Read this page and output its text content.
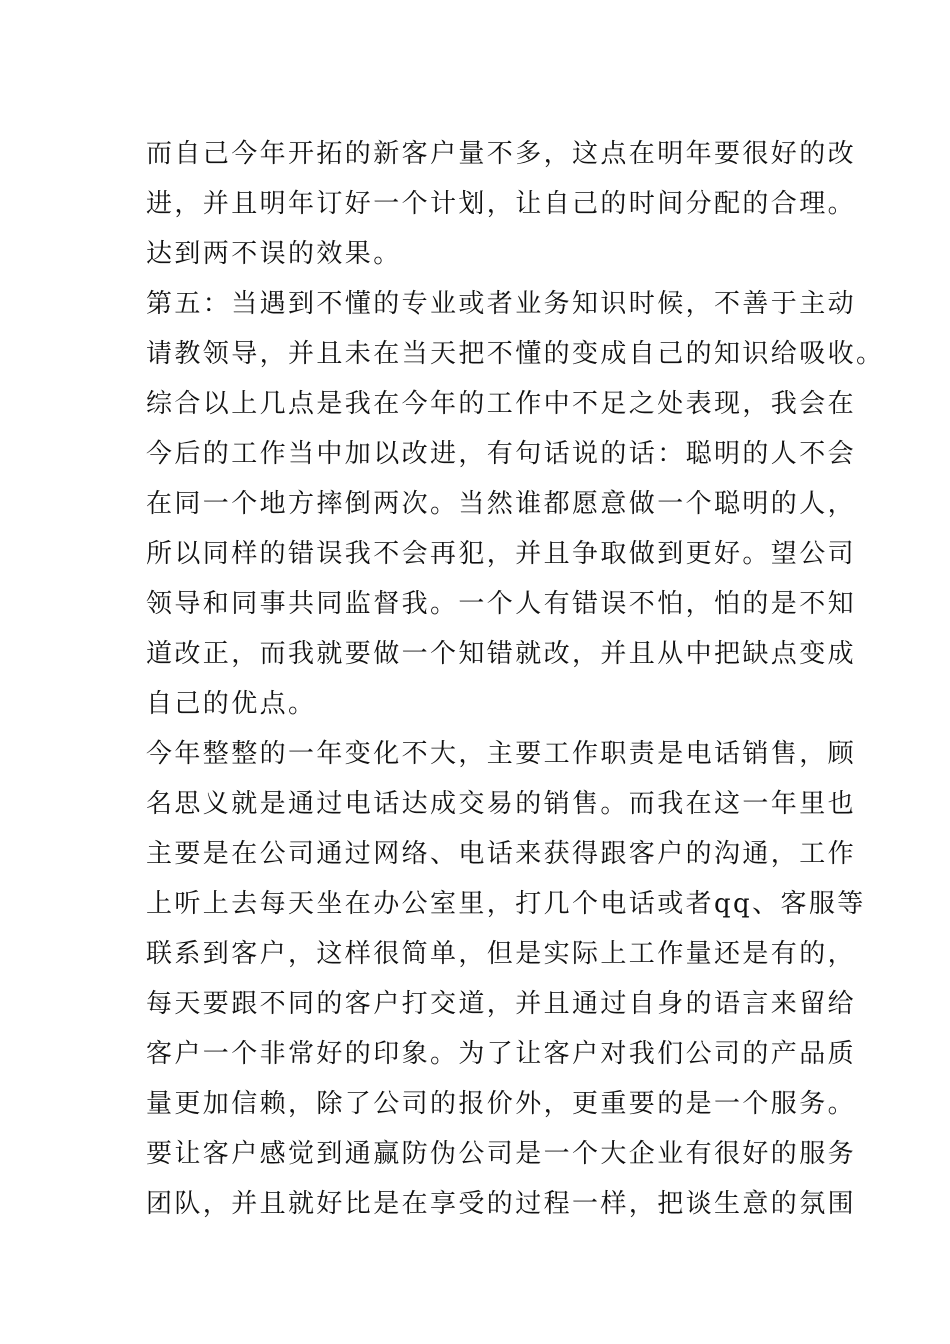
而自己今年开拓的新客户量不多，这点在明年要很好的改
进，并且明年订好一个计划，让自己的时间分配的合理。
达到两不误的效果。
第五：当遇到不懂的专业或者业务知识时候，不善于主动
请教领导，并且未在当天把不懂的变成自己的知识给吸收。
综合以上几点是我在今年的工作中不足之处表现，我会在
今后的工作当中加以改进，有句话说的话：聪明的人不会
在同一个地方摔倒两次。当然谁都愿意做一个聪明的人，
所以同样的错误我不会再犯，并且争取做到更好。望公司
领导和同事共同监督我。一个人有错误不怕，怕的是不知
道改正，而我就要做一个知错就改，并且从中把缺点变成
自己的优点。
今年整整的一年变化不大，主要工作职责是电话销售，顾
名思义就是通过电话达成交易的销售。而我在这一年里也
主要是在公司通过网络、电话来获得跟客户的沟通，工作
上听上去每天坐在办公室里，打几个电话或者qq、客服等
联系到客户，这样很简单，但是实际上工作量还是有的，
每天要跟不同的客户打交道，并且通过自身的语言来留给
客户一个非常好的印象。为了让客户对我们公司的产品质
量更加信赖，除了公司的报价外，更重要的是一个服务。
要让客户感觉到通赢防伪公司是一个大企业有很好的服务
团队，并且就好比是在享受的过程一样，把谈生意的氛围
